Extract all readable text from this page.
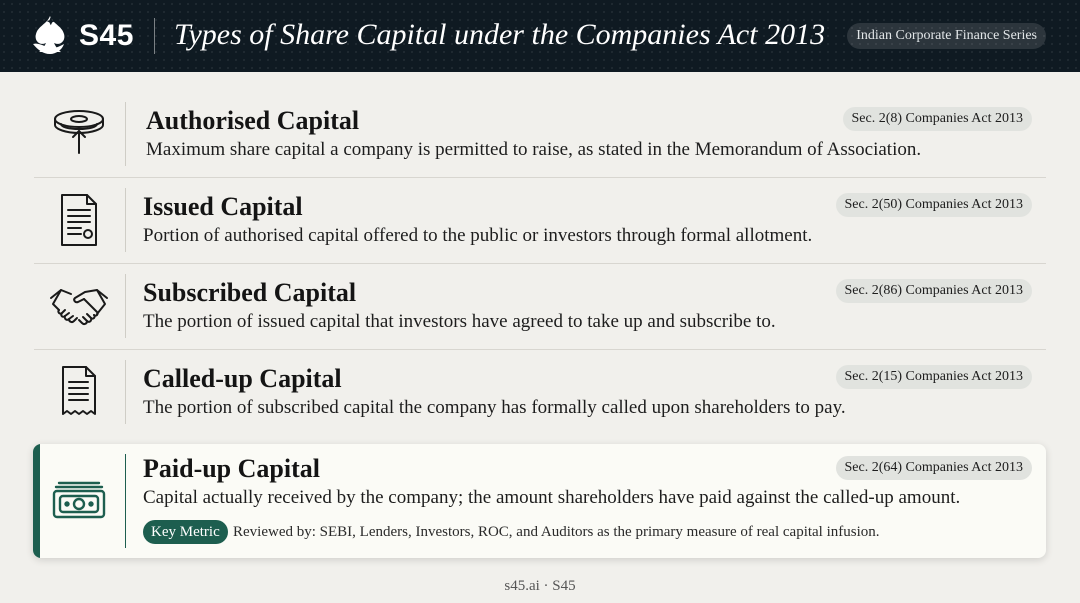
S45 Types of Share Capital under the Companies Act 2013	Indian Corporate Finance Series
Authorised Capital
Maximum share capital a company is permitted to raise, as stated in the Memorandum of Association.
Sec. 2(8) Companies Act 2013
Issued Capital
Portion of authorised capital offered to the public or investors through formal allotment.
Sec. 2(50) Companies Act 2013
Subscribed Capital
The portion of issued capital that investors have agreed to take up and subscribe to.
Sec. 2(86) Companies Act 2013
Called-up Capital
The portion of subscribed capital the company has formally called upon shareholders to pay.
Sec. 2(15) Companies Act 2013
Paid-up Capital
Capital actually received by the company; the amount shareholders have paid against the called-up amount.
Sec. 2(64) Companies Act 2013
Key Metric Reviewed by: SEBI, Lenders, Investors, ROC, and Auditors as the primary measure of real capital infusion.
s45.ai · S45
